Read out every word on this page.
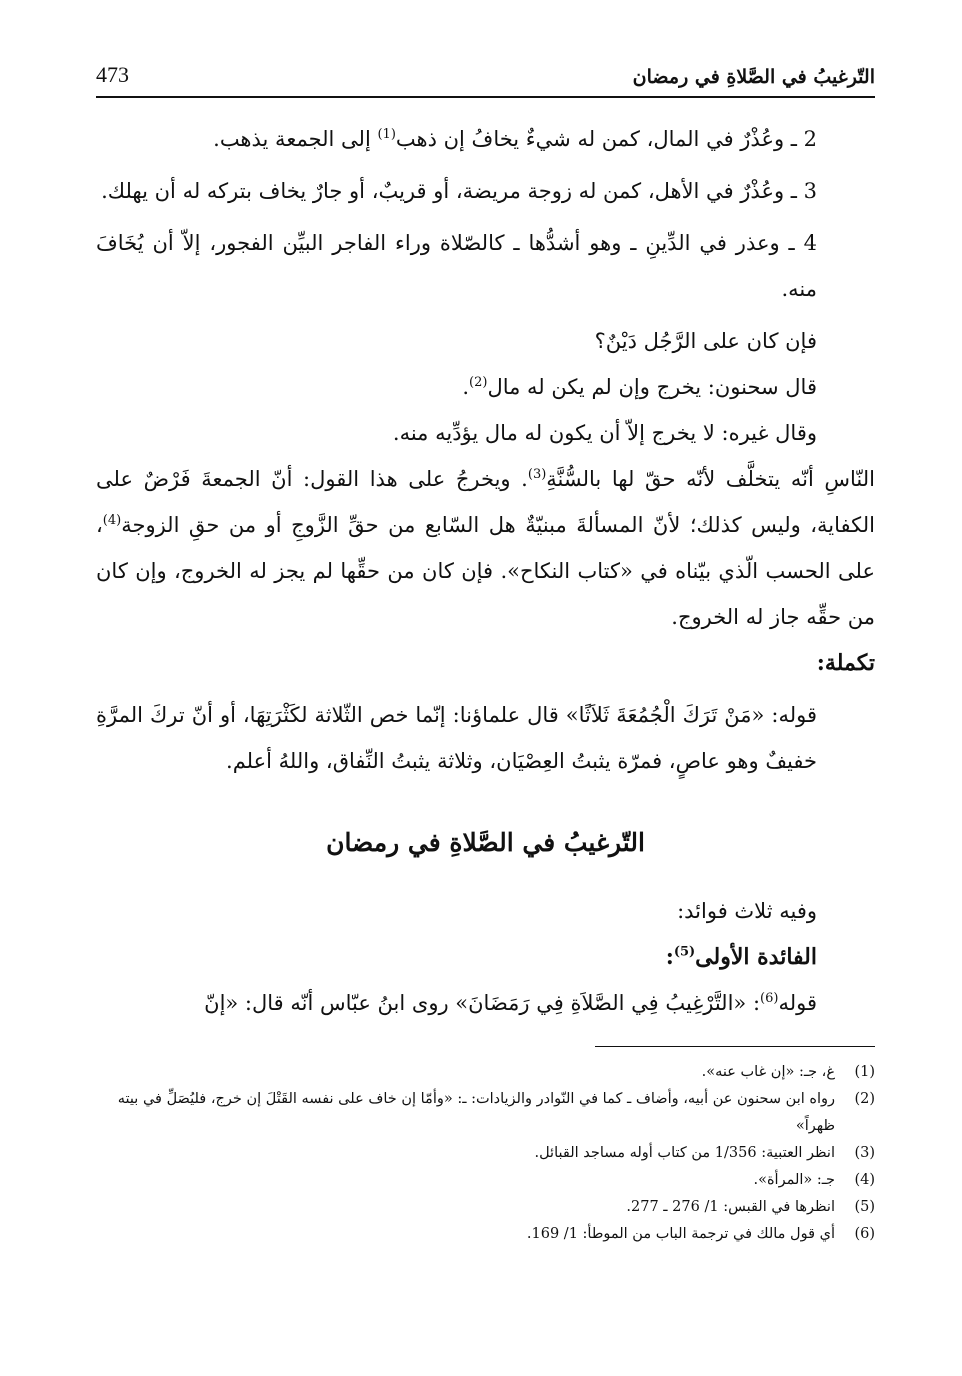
التّرغيبُ في الصَّلاةِ في رمضان
473

2 ـ وعُذْرٌ في المال، كمن له شيءٌ يخافُ إن ذهب$^{(1)}$ إلى الجمعة يذهب.

3 ـ وعُذْرٌ في الأهل، كمن له زوجة مريضة، أو قريبٌ، أو جارٌ يخاف بتركه له أن يهلك.

4 ـ وعذر في الدِّينِ ـ وهو أشدُّها ـ كالصّلاة وراء الفاجر البيِّن الفجور، إلاّ أن يُخَافَ منه.

فإن كان على الرَّجُل دَيْنٌ؟

قال سحنون: يخرج وإن لم يكن له مال$^{(2)}$.

وقال غيره: لا يخرج إلاّ أن يكون له مال يؤدِّيه منه.

النّاسِ أنّه يتخلَّف لأنّه حقّ لها بالسُّنَّةِ$^{(3)}$. ويخرجُ على هذا القول: أنّ الجمعةَ فَرْضٌ على الكفاية، وليس كذلك؛ لأنّ المسألةَ مبنيّةٌ هل السّابع من حقِّ الزَّوجِ أو من حقِ الزوجة$^{(4)}$، على الحسب الّذي بيّناه في «كتاب النكاح». فإن كان من حقِّها لم يجز له الخروج، وإن كان من حقِّه جاز له الخروج.

تكملة:

قوله: «مَنْ تَرَكَ الْجُمُعَةَ ثَلاَثًا» قال علماؤنا: إنّما خص الثّلاثة لكَثْرَتِهَا، أو أنّ تركَ المرَّةِ خفيفٌ وهو عاصٍ، فمرّة يثبتُ العِصْيَان، وثلاثة يثبتُ النِّفاق، واللهُ أعلم.

التّرغيبُ في الصَّلاةِ في رمضان

وفيه ثلاث فوائد:

الفائدة الأولى$^{(5)}$:

قوله$^{(6)}$: «التَّرْغِيبُ فِي الصَّلاَةِ فِي رَمَضَانَ» روى ابنُ عبّاس أنّه قال: «إنّ

(1)
غ، جـ: «إن غاب عنه».
(2)
رواه ابن سحنون عن أبيه، وأضاف ـ كما في النّوادر والزيادات: ـ: «وأمّا إن خاف على نفسه القَتْلَ إن خرج، فليُصَلِّ في بيته ظهراً»
(3)
انظر العتبية: 1/356 من كتاب أوله مساجد القبائل.
(4)
جـ: «المرأة».
(5)
انظرها في القبس: 1/ 276 ـ 277.
(6)
أي قول مالك في ترجمة الباب من الموطأ: 1/ 169.
